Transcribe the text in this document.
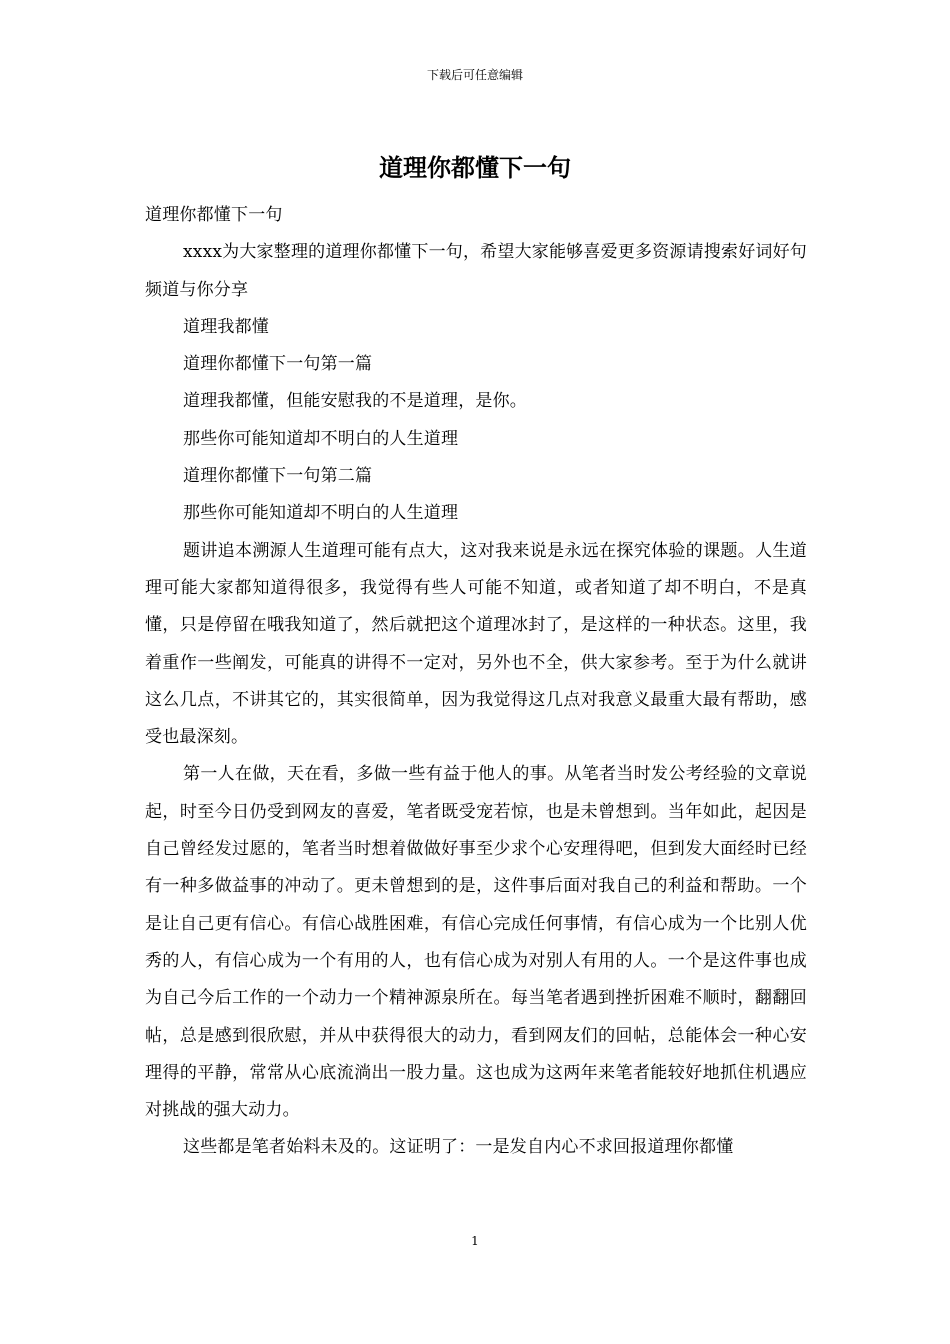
下载后可任意编辑
道理你都懂下一句

道理你都懂下一句

xxxx为大家整理的道理你都懂下一句，希望大家能够喜爱更多资源请搜索好词好句频道与你分享

道理我都懂

道理你都懂下一句第一篇

道理我都懂，但能安慰我的不是道理，是你。

那些你可能知道却不明白的人生道理

道理你都懂下一句第二篇

那些你可能知道却不明白的人生道理

题讲追本溯源人生道理可能有点大，这对我来说是永远在探究体验的课题。人生道理可能大家都知道得很多，我觉得有些人可能不知道，或者知道了却不明白，不是真懂，只是停留在哦我知道了，然后就把这个道理冰封了，是这样的一种状态。这里，我着重作一些阐发，可能真的讲得不一定对，另外也不全，供大家参考。至于为什么就讲这么几点，不讲其它的，其实很简单，因为我觉得这几点对我意义最重大最有帮助，感受也最深刻。

第一人在做，天在看，多做一些有益于他人的事。从笔者当时发公考经验的文章说起，时至今日仍受到网友的喜爱，笔者既受宠若惊，也是未曾想到。当年如此，起因是自己曾经发过愿的，笔者当时想着做做好事至少求个心安理得吧，但到发大面经时已经有一种多做益事的冲动了。更未曾想到的是，这件事后面对我自己的利益和帮助。一个是让自己更有信心。有信心战胜困难，有信心完成任何事情，有信心成为一个比别人优秀的人，有信心成为一个有用的人，也有信心成为对别人有用的人。一个是这件事也成为自己今后工作的一个动力一个精神源泉所在。每当笔者遇到挫折困难不顺时，翻翻回帖，总是感到很欣慰，并从中获得很大的动力，看到网友们的回帖，总能体会一种心安理得的平静，常常从心底流淌出一股力量。这也成为这两年来笔者能较好地抓住机遇应对挑战的强大动力。

这些都是笔者始料未及的。这证明了：一是发自内心不求回报道理你都懂

1
